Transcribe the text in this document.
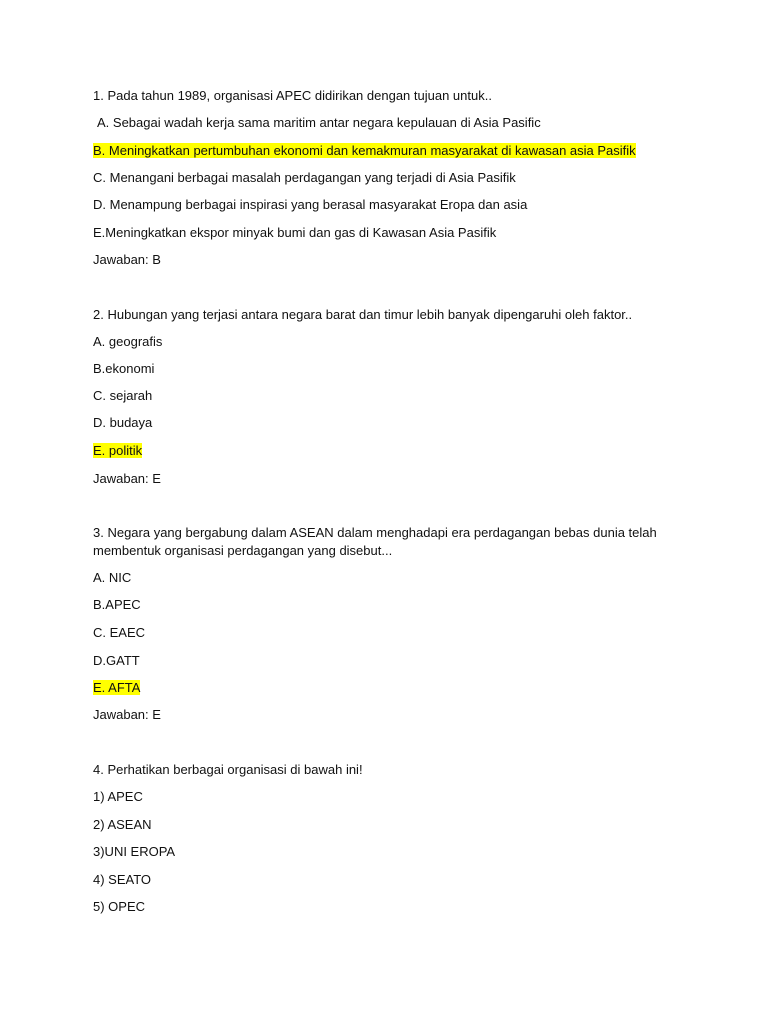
1. Pada tahun 1989, organisasi APEC didirikan dengan tujuan untuk..

A. Sebagai wadah kerja sama maritim antar negara kepulauan di Asia Pasific

B. Meningkatkan pertumbuhan ekonomi dan kemakmuran masyarakat di kawasan asia Pasifik

C. Menangani berbagai masalah perdagangan yang terjadi di Asia Pasifik

D. Menampung berbagai inspirasi yang berasal masyarakat Eropa dan asia

E.Meningkatkan ekspor minyak bumi dan gas di Kawasan Asia Pasifik

Jawaban: B

2. Hubungan yang terjasi antara negara barat dan timur lebih banyak dipengaruhi oleh faktor..

A. geografis

B.ekonomi

C. sejarah

D. budaya

E. politik

Jawaban: E

3. Negara yang bergabung dalam ASEAN dalam menghadapi era perdagangan bebas dunia telah

membentuk organisasi perdagangan yang disebut...

A. NIC

B.APEC

C. EAEC

D.GATT

E. AFTA

Jawaban: E

4. Perhatikan berbagai organisasi di bawah ini!

1) APEC

2) ASEAN

3)UNI EROPA

4) SEATO

5) OPEC
